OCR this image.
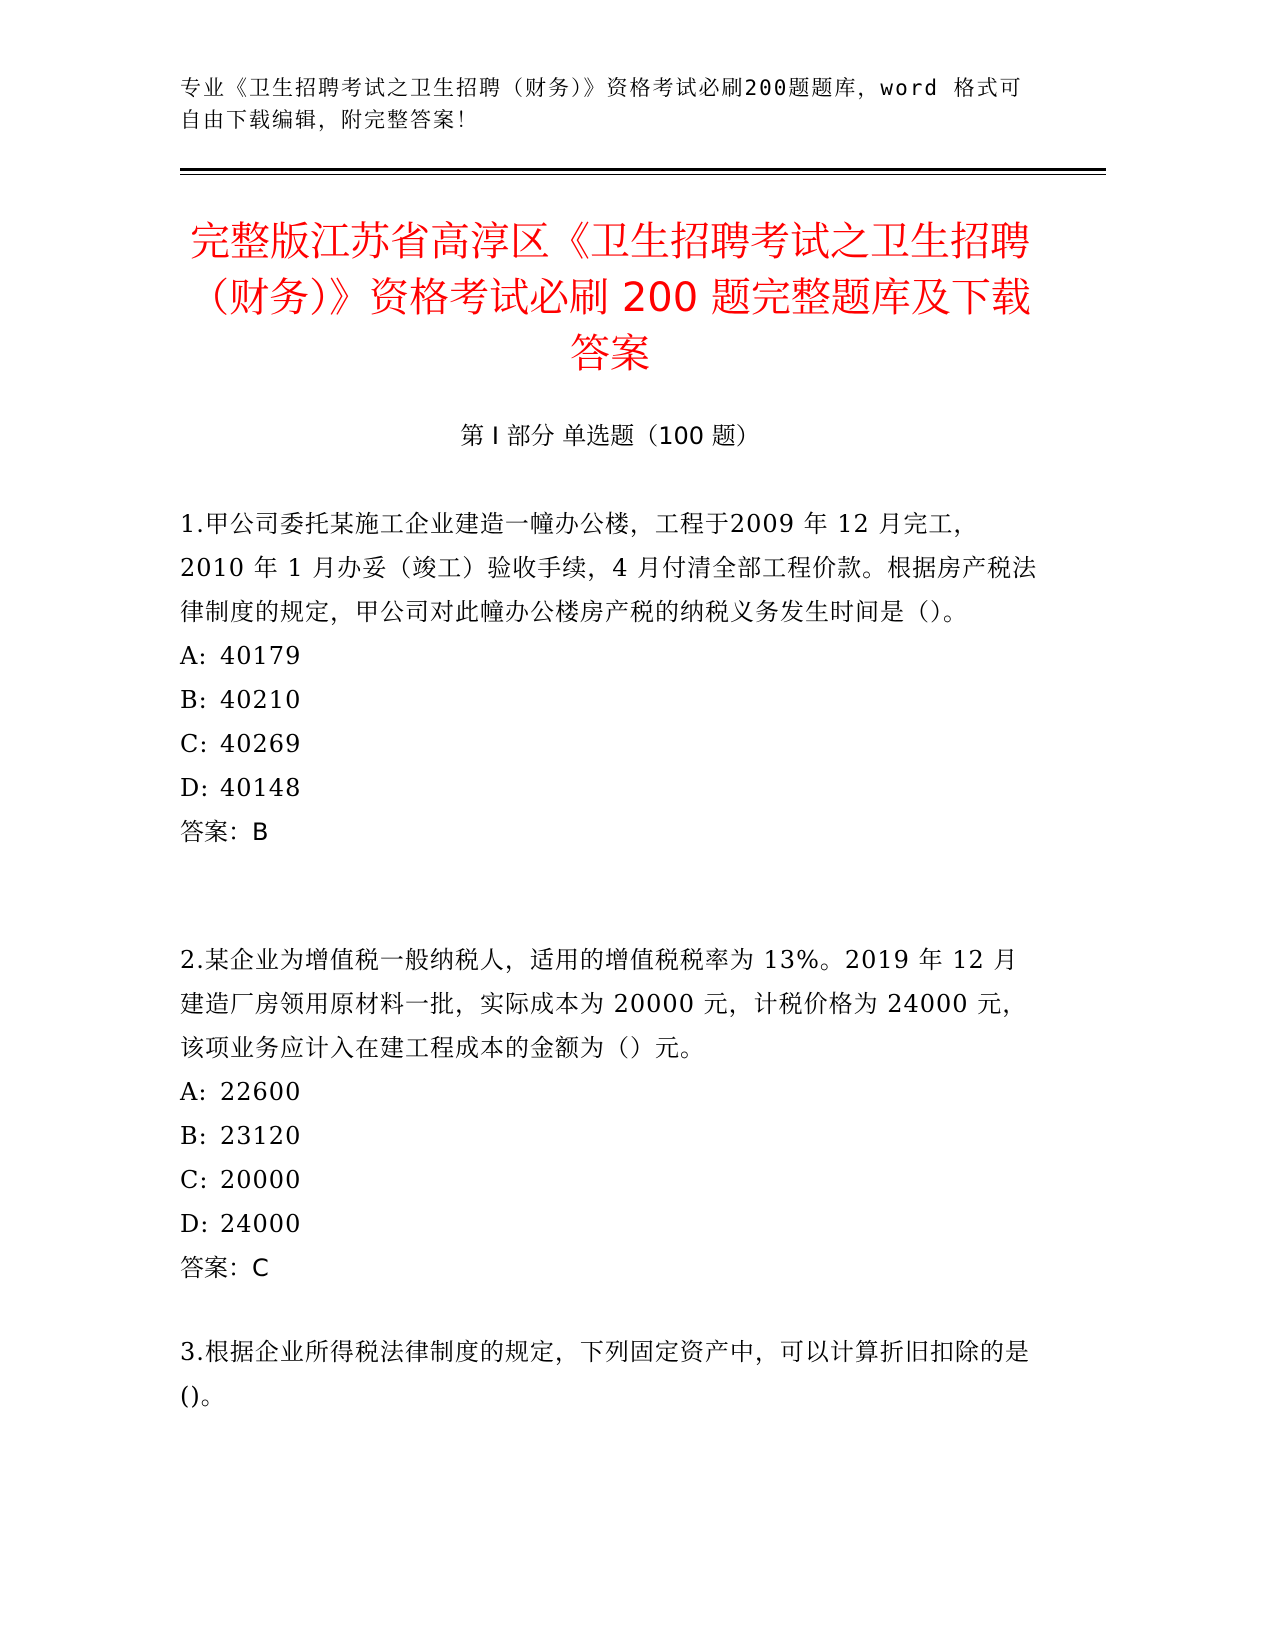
专业《卫生招聘考试之卫生招聘（财务）》资格考试必刷200题题库，word 格式可自由下载编辑，附完整答案！
完整版江苏省高淳区《卫生招聘考试之卫生招聘（财务）》资格考试必刷 200 题完整题库及下载答案
第 I 部分 单选题（100 题）

1.甲公司委托某施工企业建造一幢办公楼，工程于2009 年 12 月完工，2010 年 1 月办妥（竣工）验收手续，4 月付清全部工程价款。根据房产税法律制度的规定，甲公司对此幢办公楼房产税的纳税义务发生时间是（）。

A: 40179

B: 40210

C: 40269

D: 40148

答案：B

2.某企业为增值税一般纳税人，适用的增值税税率为 13%。2019 年 12 月建造厂房领用原材料一批，实际成本为 20000 元，计税价格为 24000 元，该项业务应计入在建工程成本的金额为（）元。

A: 22600

B: 23120

C: 20000

D: 24000

答案：C

3.根据企业所得税法律制度的规定，下列固定资产中，可以计算折旧扣除的是()。
